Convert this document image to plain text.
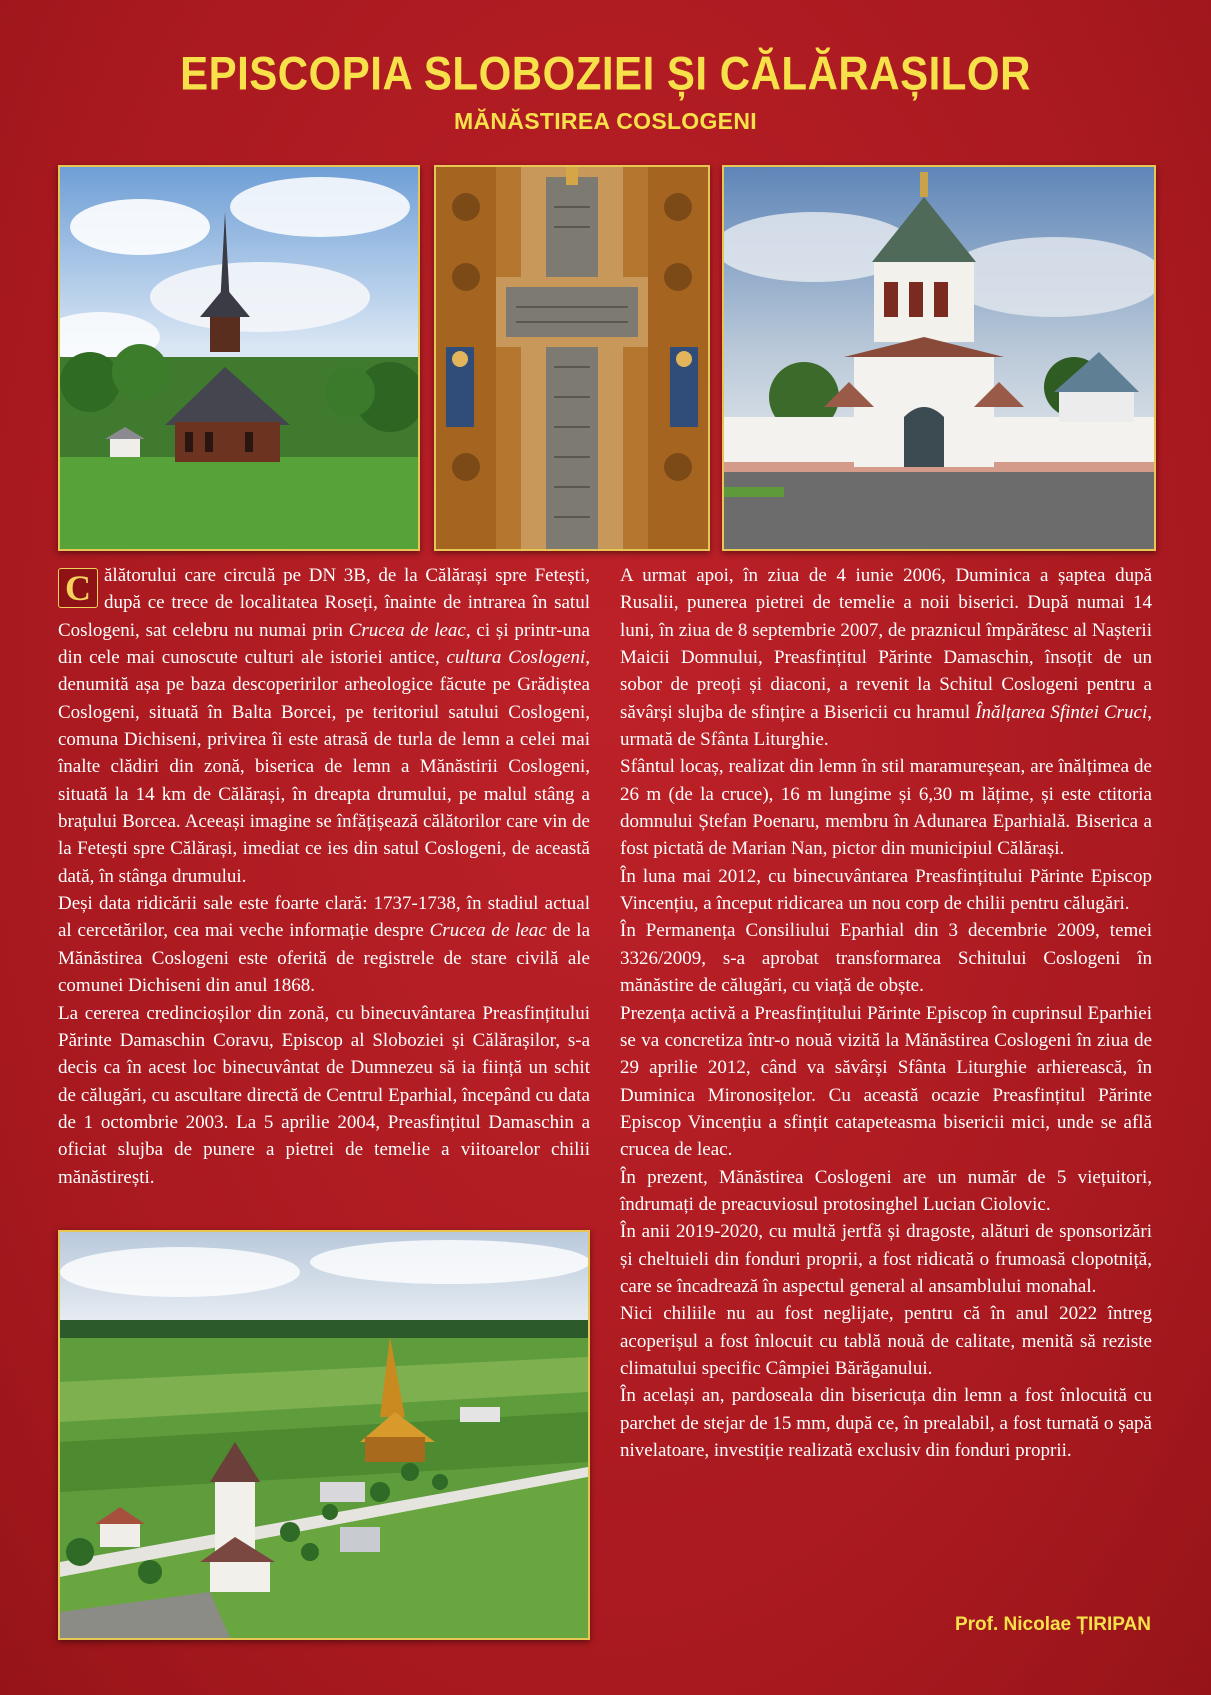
EPISCOPIA SLOBOZIEI ȘI CĂLĂRAȘILOR
MĂNĂSTIREA COSLOGENI

C ălătorului care circulă pe DN 3B, de la Călărași spre Fetești, după ce trece de localitatea Roseți, înainte de intrarea în satul Coslogeni, sat celebru nu numai prin Crucea de leac, ci și printr-una din cele mai cunoscute culturi ale istoriei antice, cultura Coslogeni, denumită așa pe baza descoperirilor arheologice făcute pe Grădiștea Coslogeni, situată în Balta Borcei, pe teritoriul satului Coslogeni, comuna Dichiseni, privirea îi este atrasă de turla de lemn a celei mai înalte clădiri din zonă, biserica de lemn a Mănăstirii Coslogeni, situată la 14 km de Călărași, în dreapta drumului, pe malul stâng a brațului Borcea. Aceeași imagine se înfățișează călătorilor care vin de la Fetești spre Călărași, imediat ce ies din satul Coslogeni, de această dată, în stânga drumului.

Deși data ridicării sale este foarte clară: 1737-1738, în stadiul actual al cercetărilor, cea mai veche informație despre Crucea de leac de la Mănăstirea Coslogeni este oferită de registrele de stare civilă ale comunei Dichiseni din anul 1868.

La cererea credincioșilor din zonă, cu binecuvântarea Preasfințitului Părinte Damaschin Coravu, Episcop al Sloboziei și Călărașilor, s-a decis ca în acest loc binecuvântat de Dumnezeu să ia ființă un schit de călugări, cu ascultare directă de Centrul Eparhial, începând cu data de 1 octombrie 2003. La 5 aprilie 2004, Preasfințitul Damaschin a oficiat slujba de punere a pietrei de temelie a viitoarelor chilii mănăstirești.

A urmat apoi, în ziua de 4 iunie 2006, Duminica a șaptea după Rusalii, punerea pietrei de temelie a noii biserici. După numai 14 luni, în ziua de 8 septembrie 2007, de praznicul împărătesc al Nașterii Maicii Domnului, Preasfințitul Părinte Damaschin, însoțit de un sobor de preoți și diaconi, a revenit la Schitul Coslogeni pentru a săvârși slujba de sfințire a Bisericii cu hramul Înălțarea Sfintei Cruci, urmată de Sfânta Liturghie.

Sfântul locaș, realizat din lemn în stil maramureșean, are înălțimea de 26 m (de la cruce), 16 m lungime și 6,30 m lățime, și este ctitoria domnului Ștefan Poenaru, membru în Adunarea Eparhială. Biserica a fost pictată de Marian Nan, pictor din municipiul Călărași.

În luna mai 2012, cu binecuvântarea Preasfințitului Părinte Episcop Vincențiu, a început ridicarea un nou corp de chilii pentru călugări.

În Permanența Consiliului Eparhial din 3 decembrie 2009, temei 3326/2009, s-a aprobat transformarea Schitului Coslogeni în mănăstire de călugări, cu viață de obște.

Prezența activă a Preasfințitului Părinte Episcop în cuprinsul Eparhiei se va concretiza într-o nouă vizită la Mănăstirea Coslogeni în ziua de 29 aprilie 2012, când va săvârși Sfânta Liturghie arhierească, în Duminica Mironosițelor. Cu această ocazie Preasfințitul Părinte Episcop Vincențiu a sfințit catapeteasma bisericii mici, unde se află crucea de leac.

În prezent, Mănăstirea Coslogeni are un număr de 5 viețuitori, îndrumați de preacuviosul protosinghel Lucian Ciolovic.

În anii 2019-2020, cu multă jertfă și dragoste, alături de sponsorizări și cheltuieli din fonduri proprii, a fost ridicată o frumoasă clopotniță, care se încadrează în aspectul general al ansamblului monahal.

Nici chiliile nu au fost neglijate, pentru că în anul 2022 întreg acoperișul a fost înlocuit cu tablă nouă de calitate, menită să reziste climatului specific Câmpiei Bărăganului.

În același an, pardoseala din bisericuța din lemn a fost înlocuită cu parchet de stejar de 15 mm, după ce, în prealabil, a fost turnată o șapă nivelatoare, investiție realizată exclusiv din fonduri proprii.

Prof. Nicolae ȚIRIPAN
